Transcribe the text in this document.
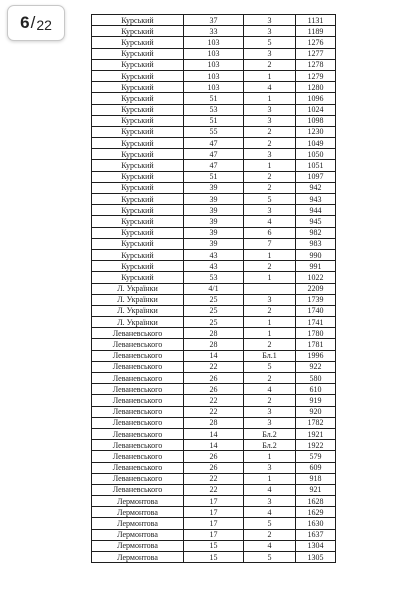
6 / 22	Курський	37	3	1131
Курський	33	3	1189
Курський	103	5	1276
Курський	103	3	1277
Курський	103	2	1278
Курський	103	1	1279
Курський	103	4	1280
Курський	51	1	1096
Курський	53	3	1024
Курський	51	3	1098
Курський	55	2	1230
Курський	47	2	1049
Курський	47	3	1050
Курський	47	1	1051
Курський	51	2	1097
Курський	39	2	942
Курський	39	5	943
Курський	39	3	944
Курський	39	4	945
Курський	39	6	982
Курський	39	7	983
Курський	43	1	990
Курський	43	2	991
Курський	53	1	1022
Л. Українки	4/1		2209
Л. Українки	25	3	1739
Л. Українки	25	2	1740
Л. Українки	25	1	1741
Леваневського	28	1	1780
Леваневського	28	2	1781
Леваневського	14	Бл.1	1996
Леваневського	22	5	922
Леваневського	26	2	580
Леваневського	26	4	610
Леваневського	22	2	919
Леваневського	22	3	920
Леваневського	28	3	1782
Леваневського	14	Бл.2	1921
Леваневського	14	Бл.2	1922
Леваневського	26	1	579
Леваневського	26	3	609
Леваневського	22	1	918
Леваневського	22	4	921
Лермонтова	17	3	1628
Лермонтова	17	4	1629
Лермонтова	17	5	1630
Лермонтова	17	2	1637
Лермонтова	15	4	1304
Лермонтова	15	5	1305
